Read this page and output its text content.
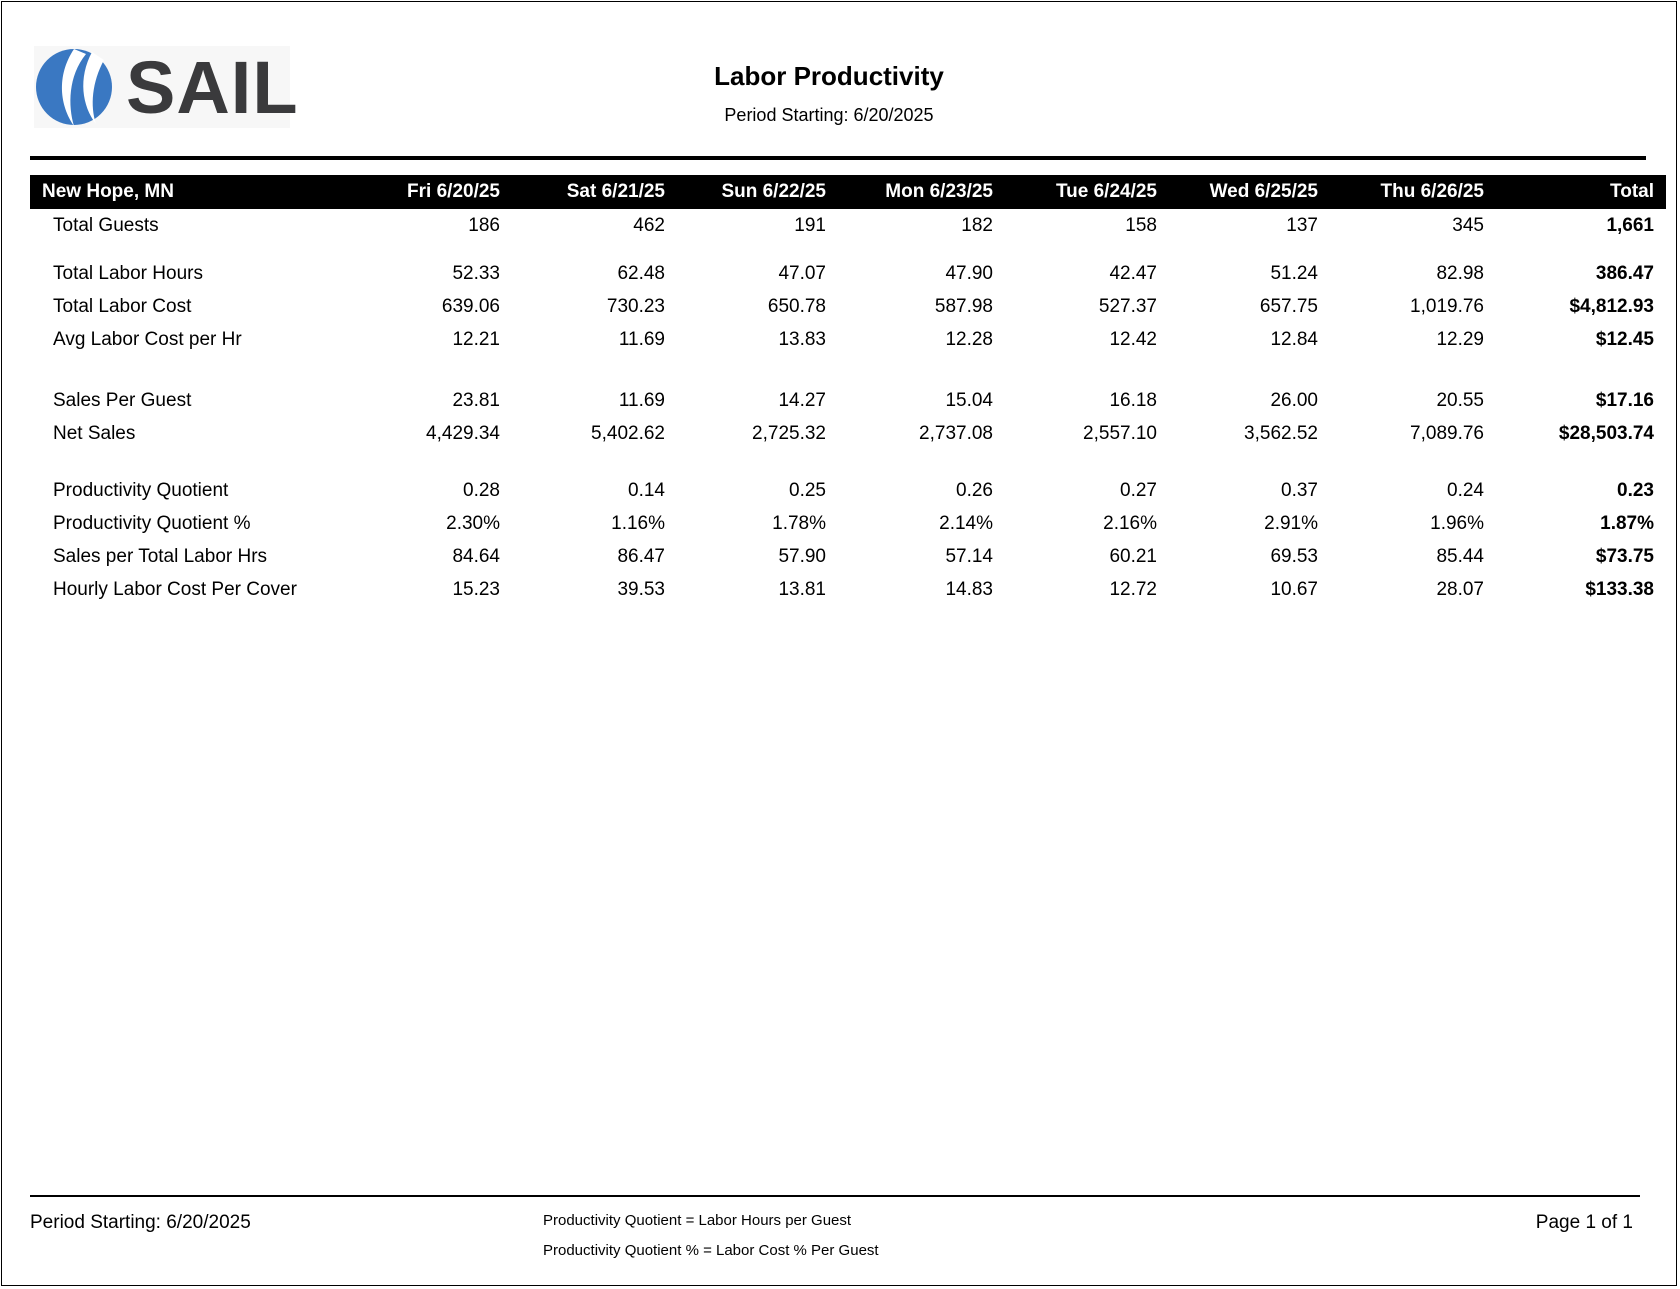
SAIL	Labor Productivity
Period Starting: 6/20/2025
New Hope, MN	Fri 6/20/25	Sat 6/21/25	Sun 6/22/25	Mon 6/23/25	Tue 6/24/25	Wed 6/25/25	Thu 6/26/25	Total
Total Guests	186	462	191	182	158	137	345	1,661

Total Labor Hours	52.33	62.48	47.07	47.90	42.47	51.24	82.98	386.47
Total Labor Cost	639.06	730.23	650.78	587.98	527.37	657.75	1,019.76	$4,812.93
Avg Labor Cost per Hr	12.21	11.69	13.83	12.28	12.42	12.84	12.29	$12.45

Sales Per Guest	23.81	11.69	14.27	15.04	16.18	26.00	20.55	$17.16
Net Sales	4,429.34	5,402.62	2,725.32	2,737.08	2,557.10	3,562.52	7,089.76	$28,503.74

Productivity Quotient	0.28	0.14	0.25	0.26	0.27	0.37	0.24	0.23
Productivity Quotient %	2.30%	1.16%	1.78%	2.14%	2.16%	2.91%	1.96%	1.87%
Sales per Total Labor Hrs	84.64	86.47	57.90	57.14	60.21	69.53	85.44	$73.75
Hourly Labor Cost Per Cover	15.23	39.53	13.81	14.83	12.72	10.67	28.07	$133.38
Period Starting: 6/20/2025	Productivity Quotient = Labor Hours per Guest
Productivity Quotient % = Labor Cost % Per Guest
Page 1 of 1
